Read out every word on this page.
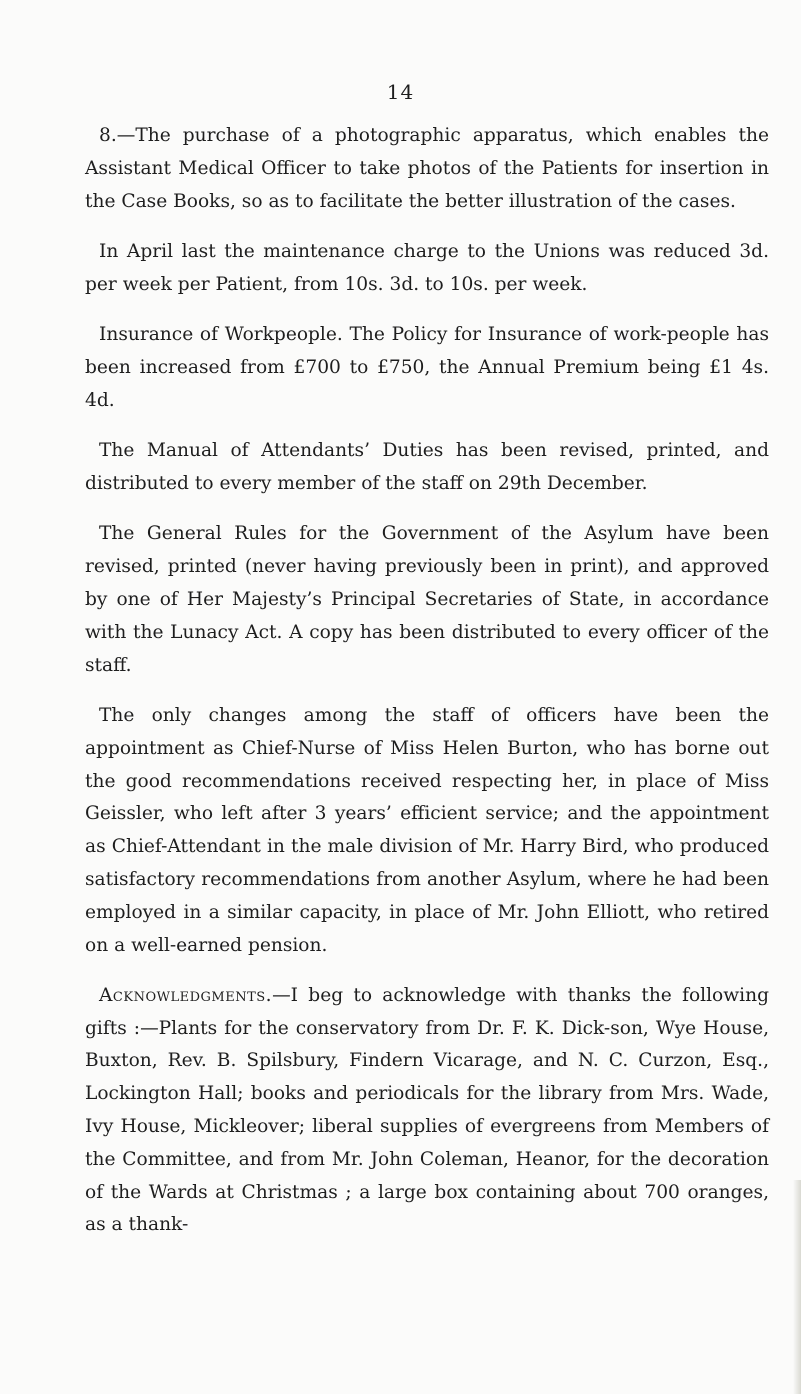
14

8.—The purchase of a photographic apparatus, which enables the Assistant Medical Officer to take photos of the Patients for insertion in the Case Books, so as to facilitate the better illustration of the cases.

In April last the maintenance charge to the Unions was reduced 3d. per week per Patient, from 10s. 3d. to 10s. per week.

Insurance of Workpeople. The Policy for Insurance of work-people has been increased from £700 to £750, the Annual Premium being £1 4s. 4d.

The Manual of Attendants’ Duties has been revised, printed, and distributed to every member of the staff on 29th December.

The General Rules for the Government of the Asylum have been revised, printed (never having previously been in print), and approved by one of Her Majesty’s Principal Secretaries of State, in accordance with the Lunacy Act. A copy has been distributed to every officer of the staff.

The only changes among the staff of officers have been the appointment as Chief-Nurse of Miss Helen Burton, who has borne out the good recommendations received respecting her, in place of Miss Geissler, who left after 3 years’ efficient service; and the appointment as Chief-Attendant in the male division of Mr. Harry Bird, who produced satisfactory recommendations from another Asylum, where he had been employed in a similar capacity, in place of Mr. John Elliott, who retired on a well-earned pension.

Acknowledgments.—I beg to acknowledge with thanks the following gifts :—Plants for the conservatory from Dr. F. K. Dick-son, Wye House, Buxton, Rev. B. Spilsbury, Findern Vicarage, and N. C. Curzon, Esq., Lockington Hall; books and periodicals for the library from Mrs. Wade, Ivy House, Mickleover; liberal supplies of evergreens from Members of the Committee, and from Mr. John Coleman, Heanor, for the decoration of the Wards at Christmas ; a large box containing about 700 oranges, as a thank-
